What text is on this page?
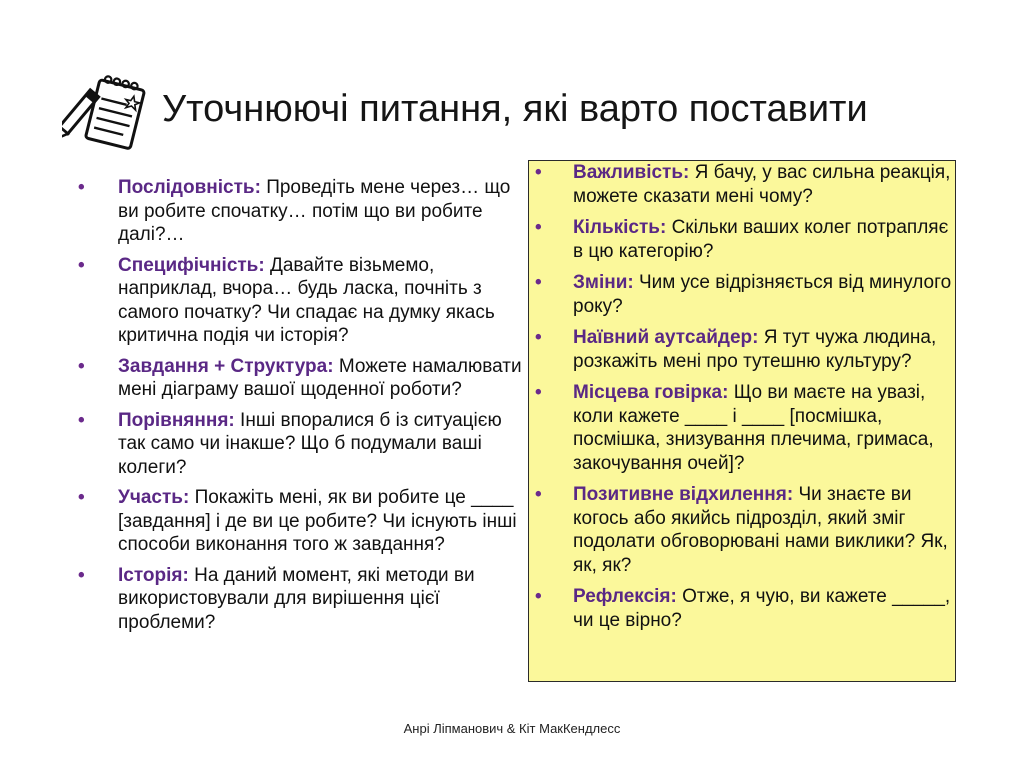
Уточнюючі питання, які варто поставити
•	Послідовність: Проведіть мене через… що ви робите спочатку… потім що ви робите далі?…
•	Специфічність: Давайте візьмемо, наприклад, вчора… будь ласка, почніть з самого початку? Чи спадає на думку якась критична подія чи історія?
•	Завдання + Структура: Можете намалювати мені діаграму вашої щоденної роботи?
•	Порівняння: Інші впоралися б із ситуацією так само чи інакше? Що б подумали ваші колеги?
•	Участь: Покажіть мені, як ви робите це ____ [завдання] і де ви це робите? Чи існують інші способи виконання того ж завдання?
•	Історія: На даний момент, які методи ви використовували для вирішення цієї проблеми?
•	Важливість: Я бачу, у вас сильна реакція, можете сказати мені чому?
•	Кількість: Скільки ваших колег потрапляє в цю категорію?
•	Зміни: Чим усе відрізняється від минулого року?
•	Наївний аутсайдер: Я тут чужа людина, розкажіть мені про тутешню культуру?
•	Місцева говірка: Що ви маєте на увазі, коли кажете ____ і ____ [посмішка, посмішка, знизування плечима, гримаса, закочування очей]?
•	Позитивне відхилення: Чи знаєте ви когось або якийсь підрозділ, який зміг подолати обговорювані нами виклики? Як, як, як?
•	Рефлексія: Отже, я чую, ви кажете _____, чи це вірно?
Анрі Ліпманович & Кіт МакКендлесс
